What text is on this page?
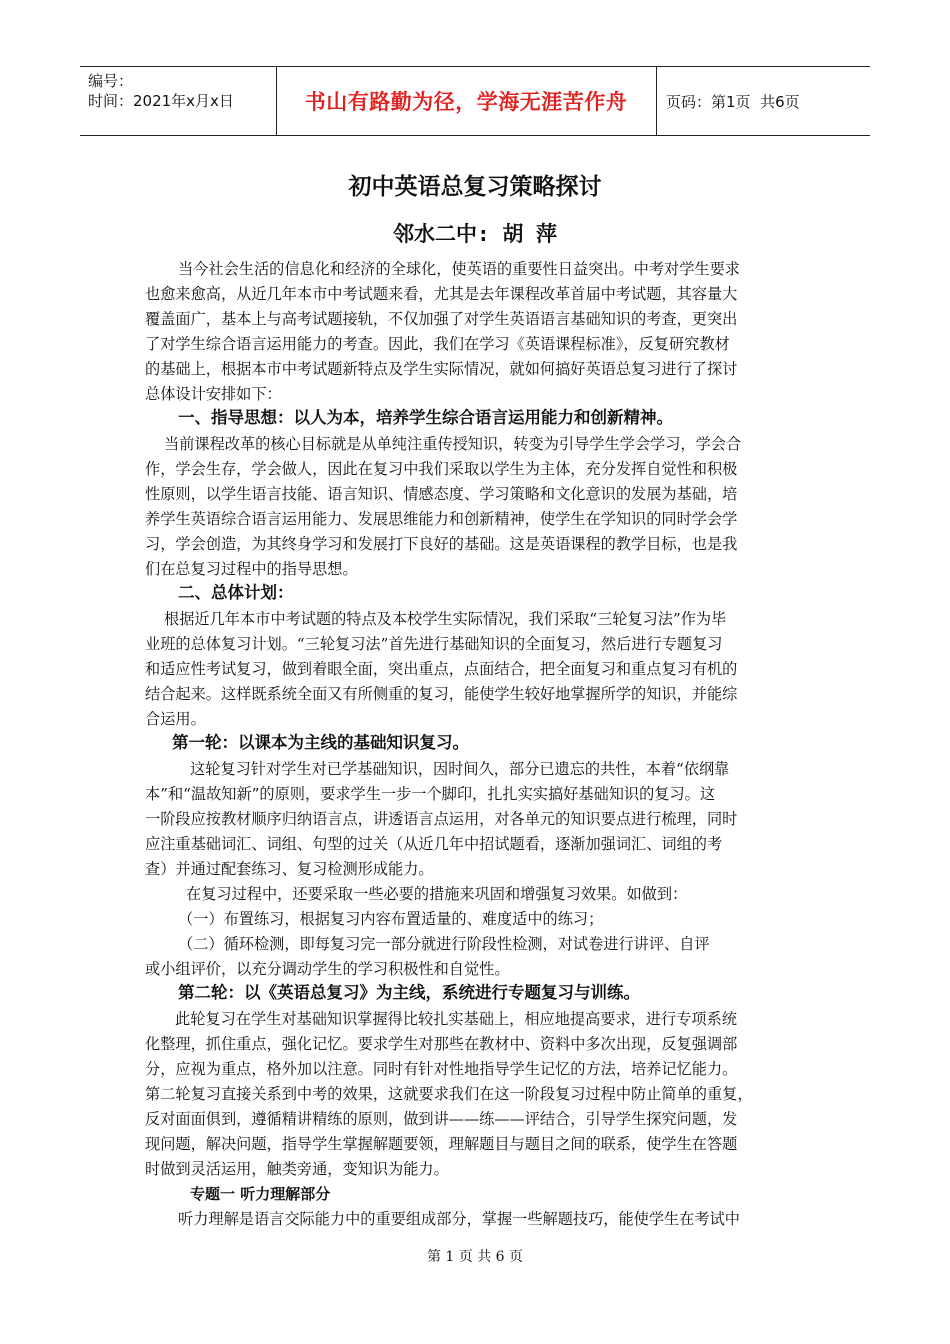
编号：
时间：2021年x月x日	书山有路勤为径，学海无涯苦作舟	页码：第1页  共6页
初中英语总复习策略探讨
邻水二中: 胡 萍
当今社会生活的信息化和经济的全球化，使英语的重要性日益突出。中考对学生要求
也愈来愈高，从近几年本市中考试题来看，尤其是去年课程改革首届中考试题，其容量大
覆盖面广，基本上与高考试题接轨，不仅加强了对学生英语语言基础知识的考查，更突出
了对学生综合语言运用能力的考查。因此，我们在学习《英语课程标准》，反复研究教材
的基础上，根据本市中考试题新特点及学生实际情况，就如何搞好英语总复习进行了探讨
总体设计安排如下：
一、指导思想：以人为本，培养学生综合语言运用能力和创新精神。
当前课程改革的核心目标就是从单纯注重传授知识，转变为引导学生学会学习，学会合
作，学会生存，学会做人，因此在复习中我们采取以学生为主体，充分发挥自觉性和积极
性原则，以学生语言技能、语言知识、情感态度、学习策略和文化意识的发展为基础，培
养学生英语综合语言运用能力、发展思维能力和创新精神，使学生在学知识的同时学会学
习，学会创造，为其终身学习和发展打下良好的基础。这是英语课程的教学目标，也是我
们在总复习过程中的指导思想。
二、总体计划：
根据近几年本市中考试题的特点及本校学生实际情况，我们采取“三轮复习法”作为毕
业班的总体复习计划。“三轮复习法”首先进行基础知识的全面复习，然后进行专题复习
和适应性考试复习，做到着眼全面，突出重点，点面结合，把全面复习和重点复习有机的
结合起来。这样既系统全面又有所侧重的复习，能使学生较好地掌握所学的知识，并能综
合运用。
第一轮：以课本为主线的基础知识复习。
这轮复习针对学生对已学基础知识，因时间久，部分已遗忘的共性，本着“依纲靠
本”和“温故知新”的原则，要求学生一步一个脚印，扎扎实实搞好基础知识的复习。这
一阶段应按教材顺序归纳语言点，讲透语言点运用，对各单元的知识要点进行梳理，同时
应注重基础词汇、词组、句型的过关（从近几年中招试题看，逐渐加强词汇、词组的考
查）并通过配套练习、复习检测形成能力。
在复习过程中，还要采取一些必要的措施来巩固和增强复习效果。如做到：
（一）布置练习，根据复习内容布置适量的、难度适中的练习；
（二）循环检测，即每复习完一部分就进行阶段性检测，对试卷进行讲评、自评
或小组评价，以充分调动学生的学习积极性和自觉性。
第二轮：以《英语总复习》为主线，系统进行专题复习与训练。
此轮复习在学生对基础知识掌握得比较扎实基础上，相应地提高要求，进行专项系统
化整理，抓住重点，强化记忆。要求学生对那些在教材中、资料中多次出现，反复强调部
分，应视为重点，格外加以注意。同时有针对性地指导学生记忆的方法，培养记忆能力。
第二轮复习直接关系到中考的效果，这就要求我们在这一阶段复习过程中防止简单的重复，
反对面面俱到，遵循精讲精练的原则，做到讲——练——评结合，引导学生探究问题，发
现问题，解决问题，指导学生掌握解题要领，理解题目与题目之间的联系，使学生在答题
时做到灵活运用，触类旁通，变知识为能力。
专题一 听力理解部分
听力理解是语言交际能力中的重要组成部分，掌握一些解题技巧，能使学生在考试中
第 1 页 共 6 页
